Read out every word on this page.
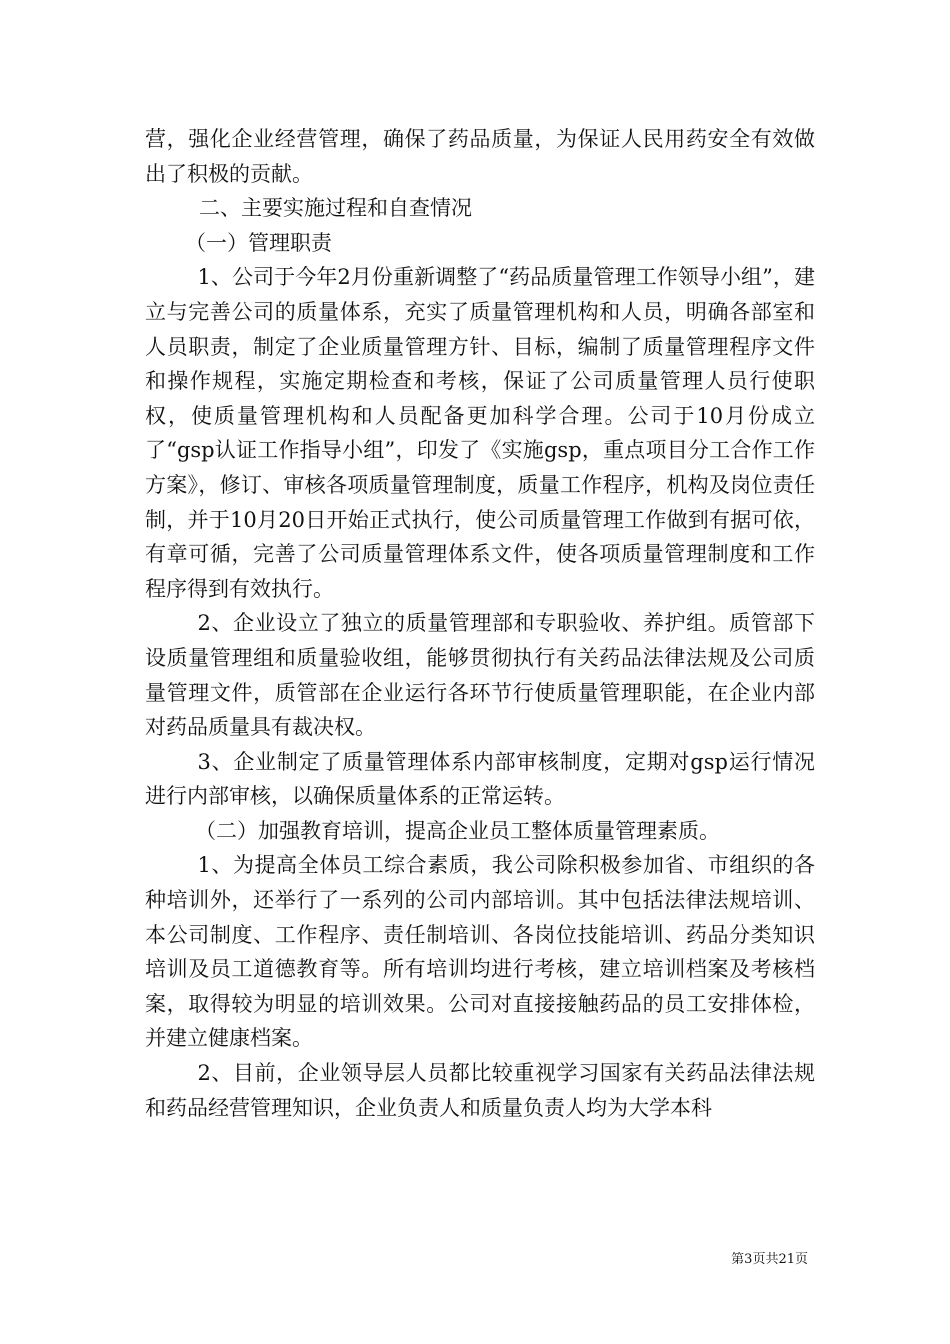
营，强化企业经营管理，确保了药品质量，为保证人民用药安全有效做出了积极的贡献。

二、主要实施过程和自查情况

（一）管理职责

1、公司于今年2月份重新调整了“药品质量管理工作领导小组”，建立与完善公司的质量体系，充实了质量管理机构和人员，明确各部室和人员职责，制定了企业质量管理方针、目标，编制了质量管理程序文件和操作规程，实施定期检查和考核，保证了公司质量管理人员行使职权，使质量管理机构和人员配备更加科学合理。公司于10月份成立了“gsp认证工作指导小组”，印发了《实施gsp，重点项目分工合作工作方案》，修订、审核各项质量管理制度，质量工作程序，机构及岗位责任制，并于10月20日开始正式执行，使公司质量管理工作做到有据可依，有章可循，完善了公司质量管理体系文件，使各项质量管理制度和工作程序得到有效执行。

2、企业设立了独立的质量管理部和专职验收、养护组。质管部下设质量管理组和质量验收组，能够贯彻执行有关药品法律法规及公司质量管理文件，质管部在企业运行各环节行使质量管理职能，在企业内部对药品质量具有裁决权。

3、企业制定了质量管理体系内部审核制度，定期对gsp运行情况进行内部审核，以确保质量体系的正常运转。

（二）加强教育培训，提高企业员工整体质量管理素质。

1、为提高全体员工综合素质，我公司除积极参加省、市组织的各种培训外，还举行了一系列的公司内部培训。其中包括法律法规培训、本公司制度、工作程序、责任制培训、各岗位技能培训、药品分类知识培训及员工道德教育等。所有培训均进行考核，建立培训档案及考核档案，取得较为明显的培训效果。公司对直接接触药品的员工安排体检，并建立健康档案。

2、目前，企业领导层人员都比较重视学习国家有关药品法律法规和药品经营管理知识，企业负责人和质量负责人均为大学本科

第3页共21页
